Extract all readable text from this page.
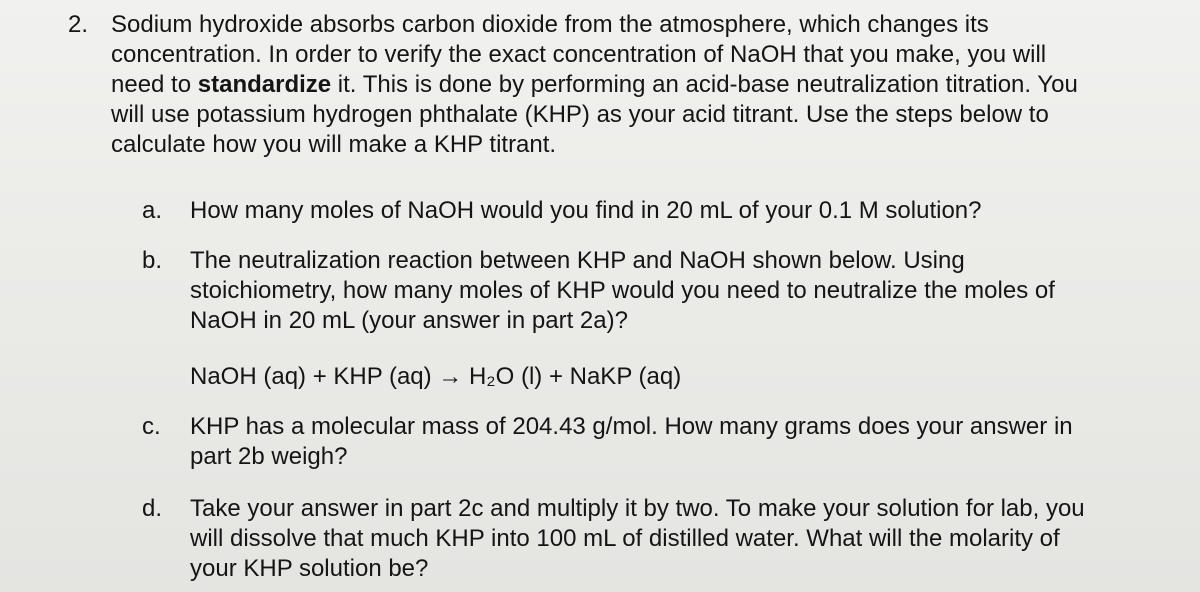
2. Sodium hydroxide absorbs carbon dioxide from the atmosphere, which changes its
concentration. In order to verify the exact concentration of NaOH that you make, you will
need to standardize it. This is done by performing an acid-base neutralization titration. You
will use potassium hydrogen phthalate (KHP) as your acid titrant. Use the steps below to
calculate how you will make a KHP titrant.
a.	How many moles of NaOH would you find in 20 mL of your 0.1 M solution?
b.	The neutralization reaction between KHP and NaOH shown below. Using
stoichiometry, how many moles of KHP would you need to neutralize the moles of
NaOH in 20 mL (your answer in part 2a)?
NaOH (aq) + KHP (aq) → H₂O (l) + NaKP (aq)
c.	KHP has a molecular mass of 204.43 g/mol. How many grams does your answer in
part 2b weigh?
d.	Take your answer in part 2c and multiply it by two. To make your solution for lab, you
will dissolve that much KHP into 100 mL of distilled water. What will the molarity of
your KHP solution be?
